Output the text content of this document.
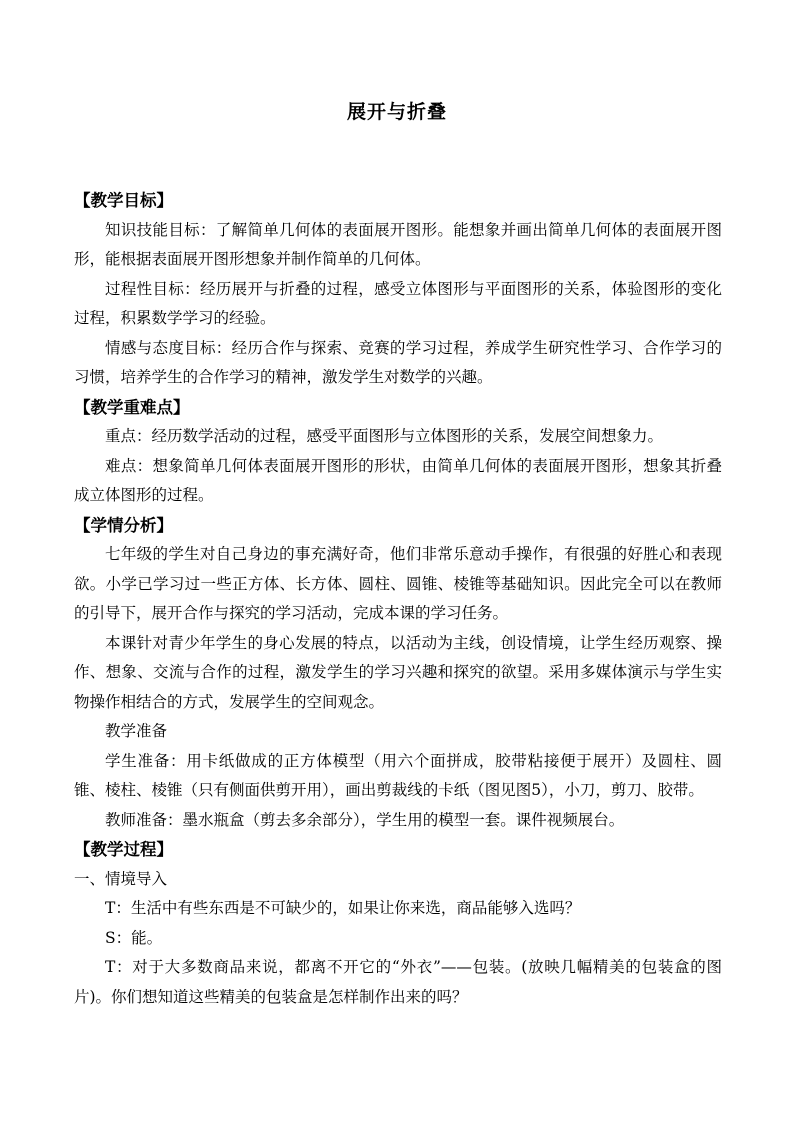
展开与折叠
【教学目标】

知识技能目标：了解简单几何体的表面展开图形。能想象并画出简单几何体的表面展开图形，能根据表面展开图形想象并制作简单的几何体。

过程性目标：经历展开与折叠的过程，感受立体图形与平面图形的关系，体验图形的变化过程，积累数学学习的经验。

情感与态度目标：经历合作与探索、竞赛的学习过程，养成学生研究性学习、合作学习的习惯，培养学生的合作学习的精神，激发学生对数学的兴趣。

【教学重难点】

重点：经历数学活动的过程，感受平面图形与立体图形的关系，发展空间想象力。

难点：想象简单几何体表面展开图形的形状，由简单几何体的表面展开图形，想象其折叠成立体图形的过程。

【学情分析】

七年级的学生对自己身边的事充满好奇，他们非常乐意动手操作，有很强的好胜心和表现欲。小学已学习过一些正方体、长方体、圆柱、圆锥、棱锥等基础知识。因此完全可以在教师的引导下，展开合作与探究的学习活动，完成本课的学习任务。

本课针对青少年学生的身心发展的特点，以活动为主线，创设情境，让学生经历观察、操作、想象、交流与合作的过程，激发学生的学习兴趣和探究的欲望。采用多媒体演示与学生实物操作相结合的方式，发展学生的空间观念。

教学准备

学生准备：用卡纸做成的正方体模型（用六个面拼成，胶带粘接便于展开）及圆柱、圆锥、棱柱、棱锥（只有侧面供剪开用），画出剪裁线的卡纸（图见图5），小刀，剪刀、胶带。

教师准备：墨水瓶盒（剪去多余部分），学生用的模型一套。课件视频展台。

【教学过程】

一、情境导入

T：生活中有些东西是不可缺少的，如果让你来选，商品能够入选吗？

S：能。

T：对于大多数商品来说，都离不开它的“外衣”——包装。(放映几幅精美的包装盒的图片)。你们想知道这些精美的包装盒是怎样制作出来的吗？
